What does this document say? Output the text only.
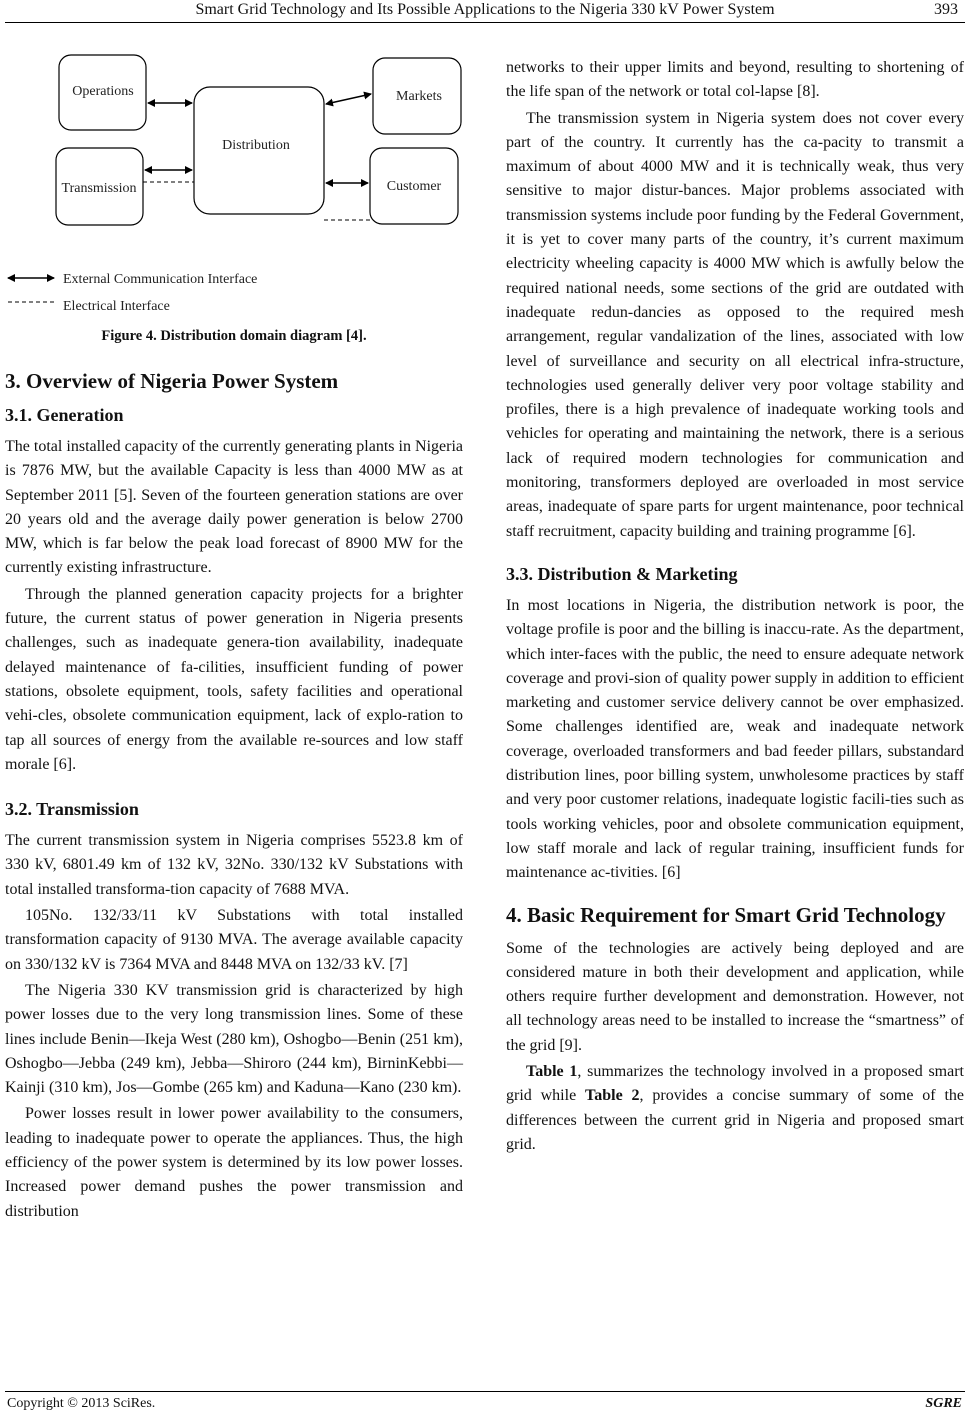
Smart Grid Technology and Its Possible Applications to the Nigeria 330 kV Power System	393
Operations
Transmission
Distribution
Markets
Customer
External Communication Interface
Electrical Interface
Figure 4. Distribution domain diagram [4].

3. Overview of Nigeria Power System

3.1. Generation

The total installed capacity of the currently generating plants in Nigeria is 7876 MW, but the available Capacity is less than 4000 MW as at September 2011 [5]. Seven of the fourteen generation stations are over 20 years old and the average daily power generation is below 2700 MW, which is far below the peak load forecast of 8900 MW for the currently existing infrastructure.

Through the planned generation capacity projects for a brighter future, the current status of power generation in Nigeria presents challenges, such as inadequate genera-tion availability, inadequate delayed maintenance of fa-cilities, insufficient funding of power stations, obsolete equipment, tools, safety facilities and operational vehi-cles, obsolete communication equipment, lack of explo-ration to tap all sources of energy from the available re-sources and low staff morale [6].

3.2. Transmission

The current transmission system in Nigeria comprises 5523.8 km of 330 kV, 6801.49 km of 132 kV, 32No. 330/132 kV Substations with total installed transforma-tion capacity of 7688 MVA.

105No. 132/33/11 kV Substations with total installed transformation capacity of 9130 MVA. The average available capacity on 330/132 kV is 7364 MVA and 8448 MVA on 132/33 kV. [7]

The Nigeria 330 KV transmission grid is characterized by high power losses due to the very long transmission lines. Some of these lines include Benin—Ikeja West (280 km), Oshogbo—Benin (251 km), Oshogbo—Jebba (249 km), Jebba—Shiroro (244 km), BirninKebbi—Kainji (310 km), Jos—Gombe (265 km) and Kaduna—Kano (230 km).

Power losses result in lower power availability to the consumers, leading to inadequate power to operate the appliances. Thus, the high efficiency of the power system is determined by its low power losses. Increased power demand pushes the power transmission and distribution

networks to their upper limits and beyond, resulting to shortening of the life span of the network or total col-lapse [8].

The transmission system in Nigeria system does not cover every part of the country. It currently has the ca-pacity to transmit a maximum of about 4000 MW and it is technically weak, thus very sensitive to major distur-bances. Major problems associated with transmission systems include poor funding by the Federal Government, it is yet to cover many parts of the country, it’s current maximum electricity wheeling capacity is 4000 MW which is awfully below the required national needs, some sections of the grid are outdated with inadequate redun-dancies as opposed to the required mesh arrangement, regular vandalization of the lines, associated with low level of surveillance and security on all electrical infra-structure, technologies used generally deliver very poor voltage stability and profiles, there is a high prevalence of inadequate working tools and vehicles for operating and maintaining the network, there is a serious lack of required modern technologies for communication and monitoring, transformers deployed are overloaded in most service areas, inadequate of spare parts for urgent maintenance, poor technical staff recruitment, capacity building and training programme [6].

3.3. Distribution & Marketing

In most locations in Nigeria, the distribution network is poor, the voltage profile is poor and the billing is inaccu-rate. As the department, which inter-faces with the public, the need to ensure adequate network coverage and provi-sion of quality power supply in addition to efficient marketing and customer service delivery cannot be over emphasized. Some challenges identified are, weak and inadequate network coverage, overloaded transformers and bad feeder pillars, substandard distribution lines, poor billing system, unwholesome practices by staff and very poor customer relations, inadequate logistic facili-ties such as tools working vehicles, poor and obsolete communication equipment, low staff morale and lack of regular training, insufficient funds for maintenance ac-tivities. [6]

4. Basic Requirement for Smart Grid Technology

Some of the technologies are actively being deployed and are considered mature in both their development and application, while others require further development and demonstration. However, not all technology areas need to be installed to increase the “smartness” of the grid [9].

Table 1, summarizes the technology involved in a proposed smart grid while Table 2, provides a concise summary of some of the differences between the current grid in Nigeria and proposed smart grid.

Copyright © 2013 SciRes.	SGRE
